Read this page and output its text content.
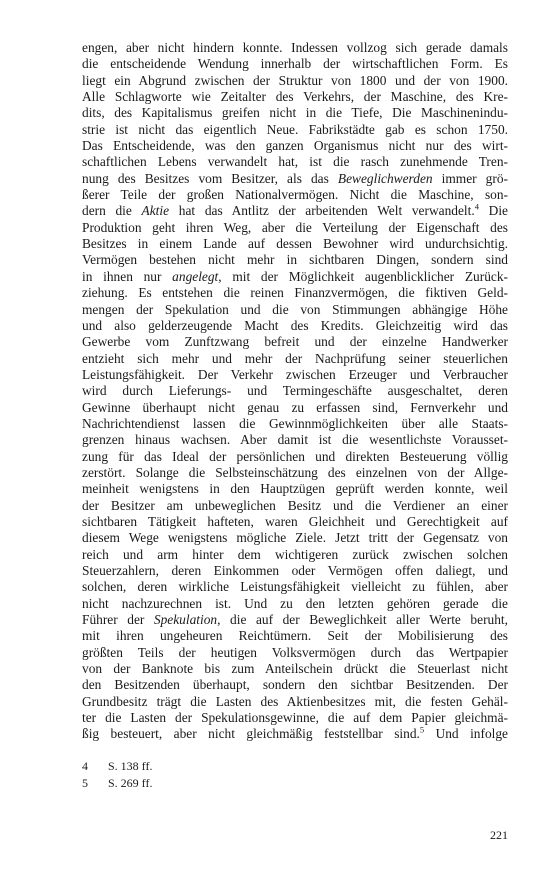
engen, aber nicht hindern konnte. Indessen vollzog sich gerade damals
die entscheidende Wendung innerhalb der wirtschaftlichen Form. Es
liegt ein Abgrund zwischen der Struktur von 1800 und der von 1900.
Alle Schlagworte wie Zeitalter des Verkehrs, der Maschine, des Kre-
dits, des Kapitalismus greifen nicht in die Tiefe, Die Maschinenindu-
strie ist nicht das eigentlich Neue. Fabrikstädte gab es schon 1750.
Das Entscheidende, was den ganzen Organismus nicht nur des wirt-
schaftlichen Lebens verwandelt hat, ist die rasch zunehmende Tren-
nung des Besitzes vom Besitzer, als das Beweglichwerden immer grö-
ßerer Teile der großen Nationalvermögen. Nicht die Maschine, son-
dern die Aktie hat das Antlitz der arbeitenden Welt verwandelt.$^4$ Die
Produktion geht ihren Weg, aber die Verteilung der Eigenschaft des
Besitzes in einem Lande auf dessen Bewohner wird undurchsichtig.
Vermögen bestehen nicht mehr in sichtbaren Dingen, sondern sind
in ihnen nur angelegt, mit der Möglichkeit augenblicklicher Zurück-
ziehung. Es entstehen die reinen Finanzvermögen, die fiktiven Geld-
mengen der Spekulation und die von Stimmungen abhängige Höhe
und also gelderzeugende Macht des Kredits. Gleichzeitig wird das
Gewerbe vom Zunftzwang befreit und der einzelne Handwerker
entzieht sich mehr und mehr der Nachprüfung seiner steuerlichen
Leistungsfähigkeit. Der Verkehr zwischen Erzeuger und Verbraucher
wird durch Lieferungs- und Termingeschäfte ausgeschaltet, deren
Gewinne überhaupt nicht genau zu erfassen sind, Fernverkehr und
Nachrichtendienst lassen die Gewinnmöglichkeiten über alle Staats-
grenzen hinaus wachsen. Aber damit ist die wesentlichste Vorausset-
zung für das Ideal der persönlichen und direkten Besteuerung völlig
zerstört. Solange die Selbsteinschätzung des einzelnen von der Allge-
meinheit wenigstens in den Hauptzügen geprüft werden konnte, weil
der Besitzer am unbeweglichen Besitz und die Verdiener an einer
sichtbaren Tätigkeit hafteten, waren Gleichheit und Gerechtigkeit auf
diesem Wege wenigstens mögliche Ziele. Jetzt tritt der Gegensatz von
reich und arm hinter dem wichtigeren zurück zwischen solchen
Steuerzahlern, deren Einkommen oder Vermögen offen daliegt, und
solchen, deren wirkliche Leistungsfähigkeit vielleicht zu fühlen, aber
nicht nachzurechnen ist. Und zu den letzten gehören gerade die
Führer der Spekulation, die auf der Beweglichkeit aller Werte beruht,
mit ihren ungeheuren Reichtümern. Seit der Mobilisierung des
größten Teils der heutigen Volksvermögen durch das Wertpapier
von der Banknote bis zum Anteilschein drückt die Steuerlast nicht
den Besitzenden überhaupt, sondern den sichtbar Besitzenden. Der
Grundbesitz trägt die Lasten des Aktienbesitzes mit, die festen Gehäl-
ter die Lasten der Spekulationsgewinne, die auf dem Papier gleichmä-
ßig besteuert, aber nicht gleichmäßig feststellbar sind.$^5$ Und infolge
4	S. 138 ff.
5	S. 269 ff.
221
